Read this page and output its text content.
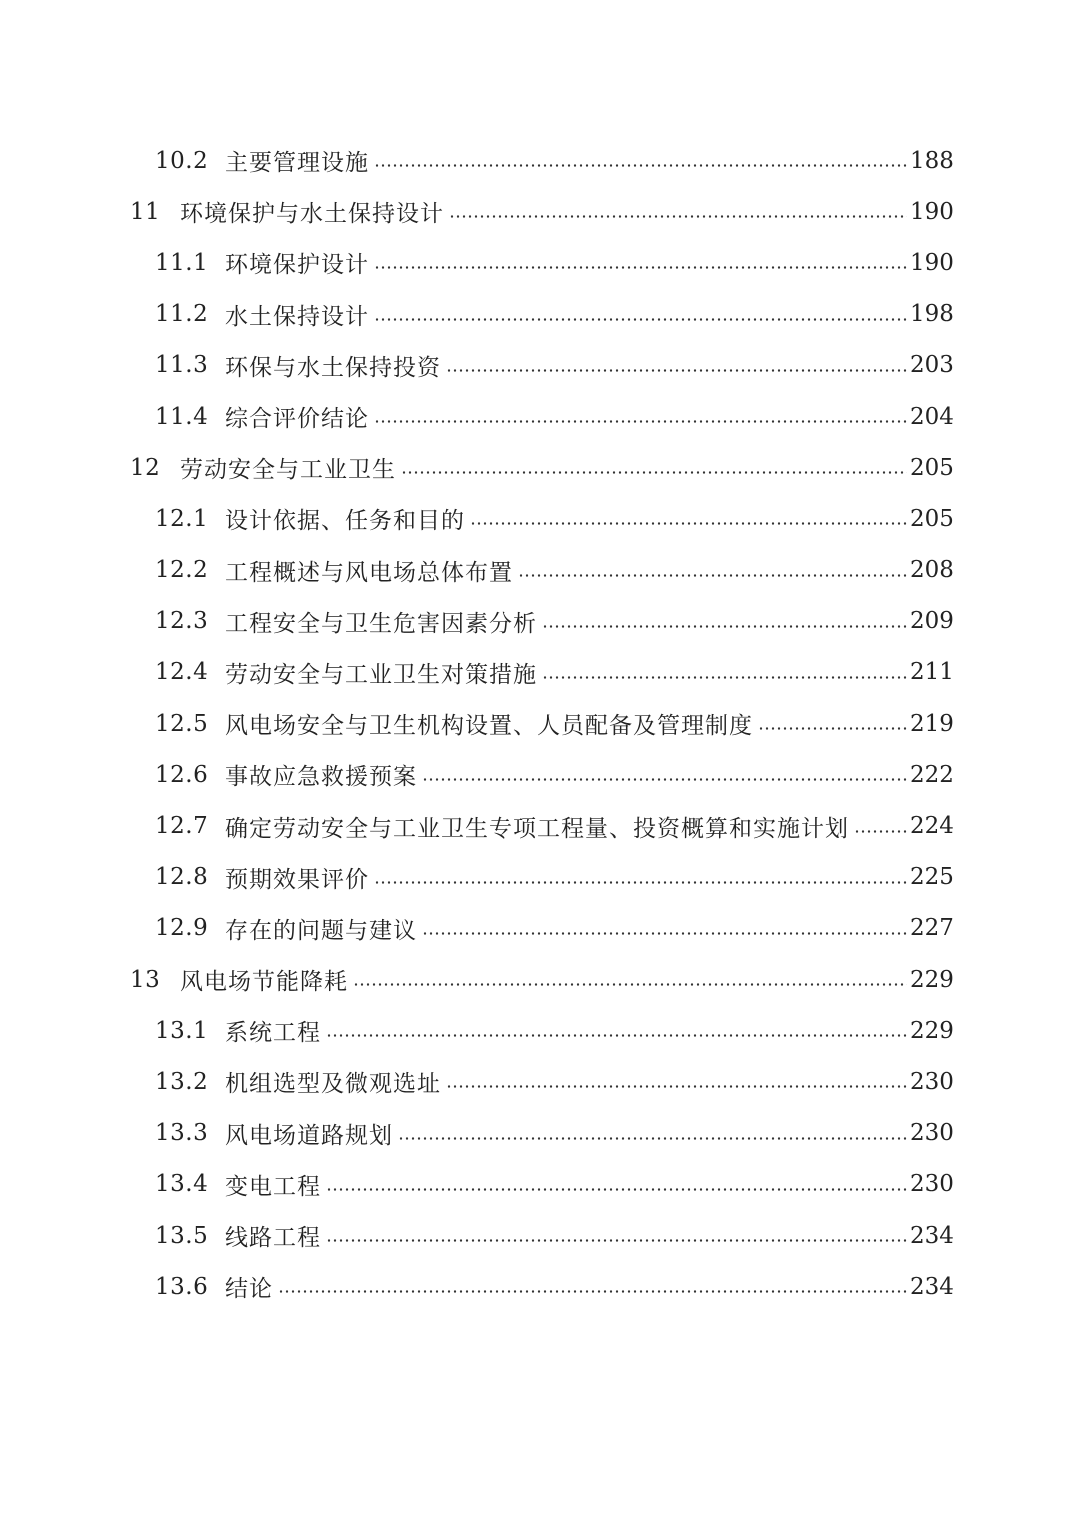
10.2 主要管理设施	188
11 环境保护与水土保持设计	190
11.1 环境保护设计	190
11.2 水土保持设计	198
11.3 环保与水土保持投资	203
11.4 综合评价结论	204
12 劳动安全与工业卫生	205
12.1 设计依据、任务和目的	205
12.2 工程概述与风电场总体布置	208
12.3 工程安全与卫生危害因素分析	209
12.4 劳动安全与工业卫生对策措施	211
12.5 风电场安全与卫生机构设置、人员配备及管理制度	219
12.6 事故应急救援预案	222
12.7 确定劳动安全与工业卫生专项工程量、投资概算和实施计划	224
12.8 预期效果评价	225
12.9 存在的问题与建议	227
13 风电场节能降耗	229
13.1 系统工程	229
13.2 机组选型及微观选址	230
13.3 风电场道路规划	230
13.4 变电工程	230
13.5 线路工程	234
13.6 结论	234
